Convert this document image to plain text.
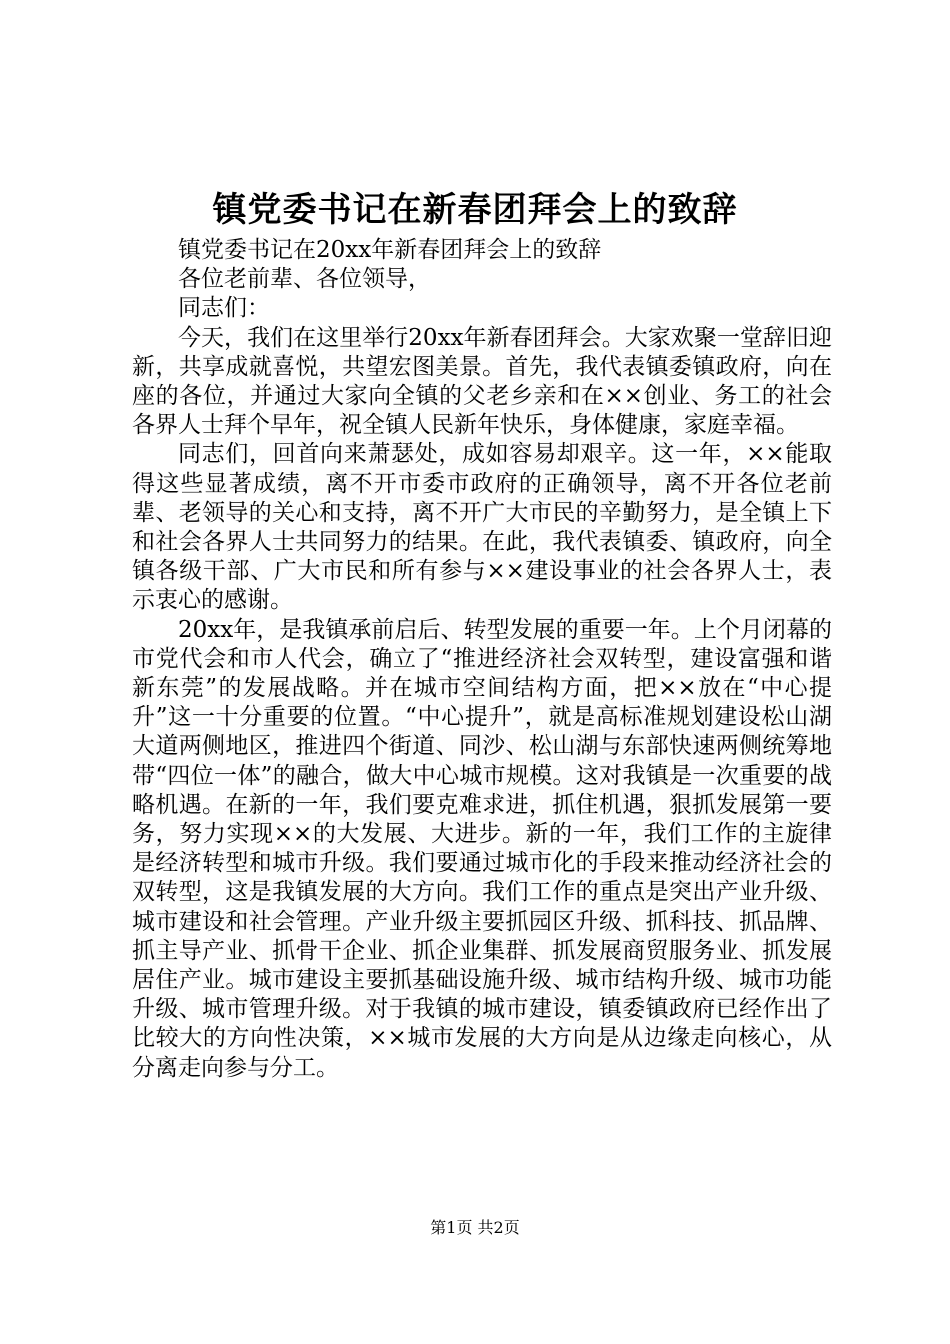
镇党委书记在新春团拜会上的致辞

镇党委书记在20xx年新春团拜会上的致辞

各位老前辈、各位领导，

同志们：

今天，我们在这里举行20xx年新春团拜会。大家欢聚一堂辞旧迎新，共享成就喜悦，共望宏图美景。首先，我代表镇委镇政府，向在座的各位，并通过大家向全镇的父老乡亲和在××创业、务工的社会各界人士拜个早年，祝全镇人民新年快乐，身体健康，家庭幸福。

同志们，回首向来萧瑟处，成如容易却艰辛。这一年，××能取得这些显著成绩，离不开市委市政府的正确领导，离不开各位老前辈、老领导的关心和支持，离不开广大市民的辛勤努力，是全镇上下和社会各界人士共同努力的结果。在此，我代表镇委、镇政府，向全镇各级干部、广大市民和所有参与××建设事业的社会各界人士，表示衷心的感谢。

20xx年，是我镇承前启后、转型发展的重要一年。上个月闭幕的市党代会和市人代会，确立了“推进经济社会双转型，建设富强和谐新东莞”的发展战略。并在城市空间结构方面，把××放在“中心提升”这一十分重要的位置。“中心提升”，就是高标准规划建设松山湖大道两侧地区，推进四个街道、同沙、松山湖与东部快速两侧统筹地带“四位一体”的融合，做大中心城市规模。这对我镇是一次重要的战略机遇。在新的一年，我们要克难求进，抓住机遇，狠抓发展第一要务，努力实现××的大发展、大进步。新的一年，我们工作的主旋律是经济转型和城市升级。我们要通过城市化的手段来推动经济社会的双转型，这是我镇发展的大方向。我们工作的重点是突出产业升级、城市建设和社会管理。产业升级主要抓园区升级、抓科技、抓品牌、抓主导产业、抓骨干企业、抓企业集群、抓发展商贸服务业、抓发展居住产业。城市建设主要抓基础设施升级、城市结构升级、城市功能升级、城市管理升级。对于我镇的城市建设，镇委镇政府已经作出了比较大的方向性决策，××城市发展的大方向是从边缘走向核心，从分离走向参与分工。

第1页 共2页
